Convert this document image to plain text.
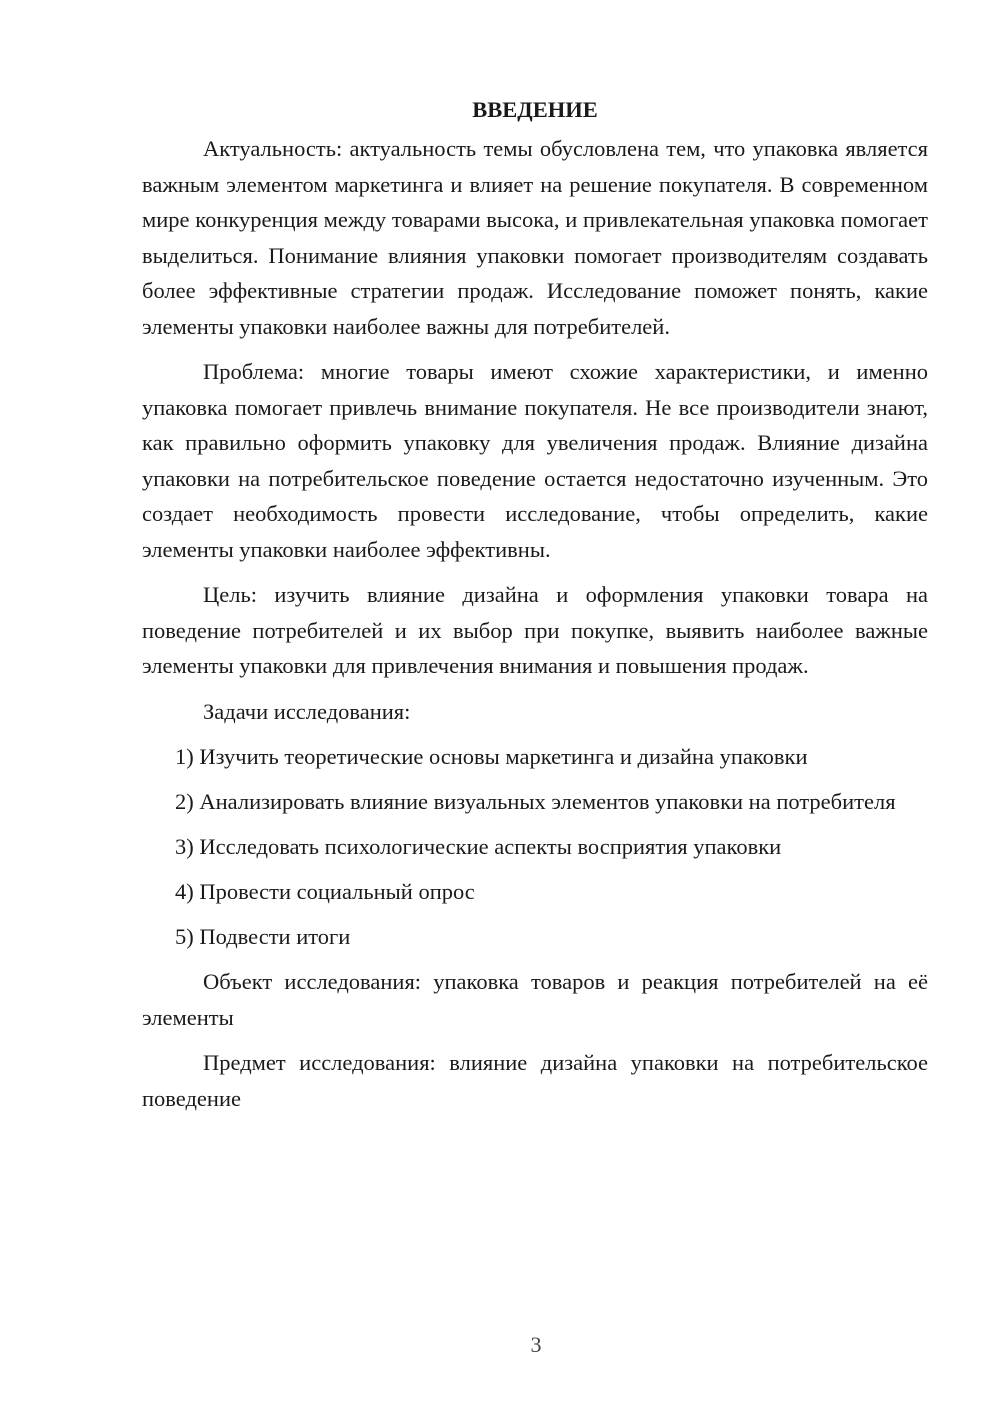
ВВЕДЕНИЕ

Актуальность: актуальность темы обусловлена тем, что упаковка является важным элементом маркетинга и влияет на решение покупателя. В современном мире конкуренция между товарами высока, и привлекательная упаковка помогает выделиться. Понимание влияния упаковки помогает производителям создавать более эффективные стратегии продаж. Исследование поможет понять, какие элементы упаковки наиболее важны для потребителей.

Проблема: многие товары имеют схожие характеристики, и именно упаковка помогает привлечь внимание покупателя. Не все производители знают, как правильно оформить упаковку для увеличения продаж. Влияние дизайна упаковки на потребительское поведение остается недостаточно изученным. Это создает необходимость провести исследование, чтобы определить, какие элементы упаковки наиболее эффективны.

Цель: изучить влияние дизайна и оформления упаковки товара на поведение потребителей и их выбор при покупке, выявить наиболее важные элементы упаковки для привлечения внимания и повышения продаж.

Задачи исследования:

1) Изучить теоретические основы маркетинга и дизайна упаковки

2) Анализировать влияние визуальных элементов упаковки на потребителя

3) Исследовать психологические аспекты восприятия упаковки

4) Провести социальный опрос

5) Подвести итоги

Объект исследования: упаковка товаров и реакция потребителей на её элементы

Предмет исследования: влияние дизайна упаковки на потребительское поведение

3
